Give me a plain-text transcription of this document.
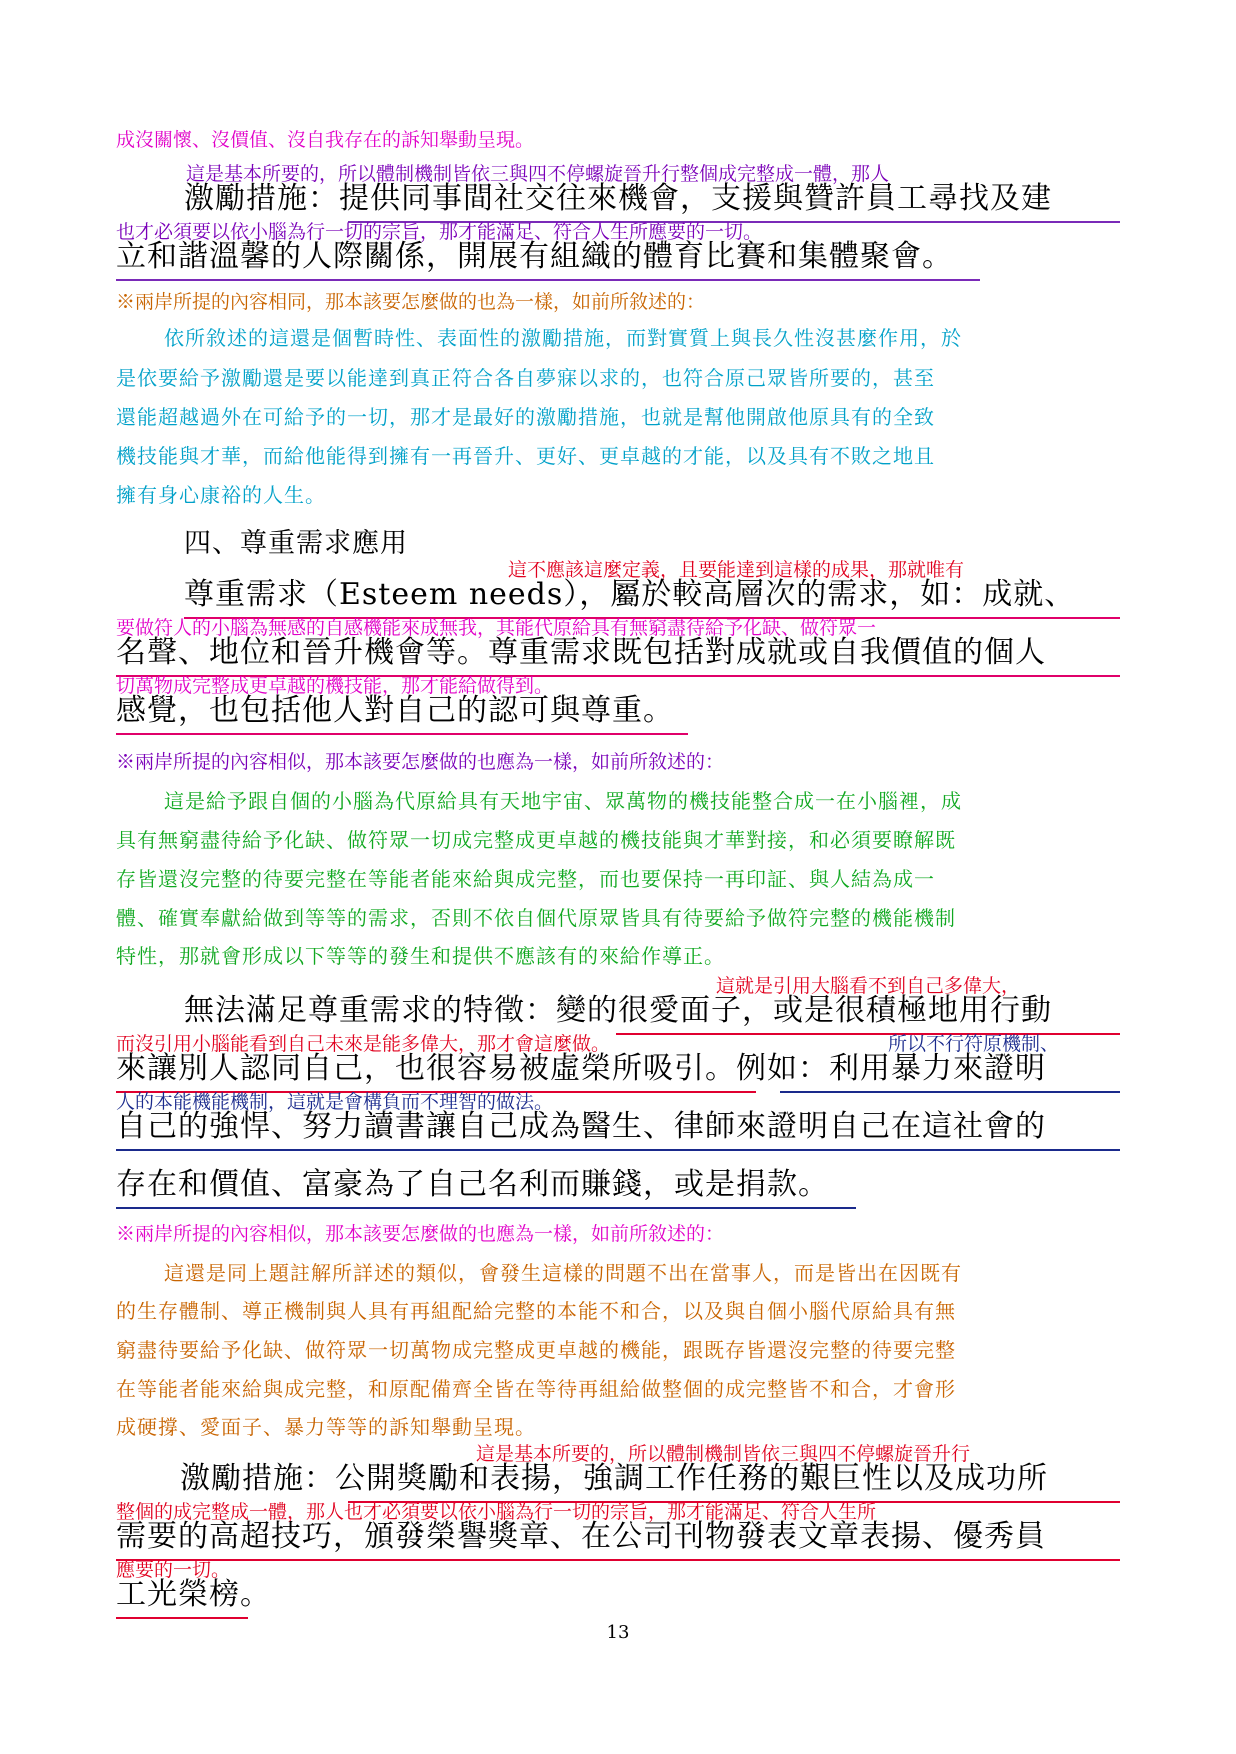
成沒關懷、沒價值、沒自我存在的訴知舉動呈現。
這是基本所要的，所以體制機制皆依三與四不停螺旋晉升行整個成完整成一體，那人
激勵措施：提供同事間社交往來機會，支援與贊許員工尋找及建
也才必須要以依小腦為行一切的宗旨，那才能滿足、符合人生所應要的一切。
立和諧溫馨的人際關係，開展有組織的體育比賽和集體聚會。
※兩岸所提的內容相同，那本該要怎麼做的也為一樣，如前所敘述的：
依所敘述的這還是個暫時性、表面性的激勵措施，而對實質上與長久性沒甚麼作用，於
是依要給予激勵還是要以能達到真正符合各自夢寐以求的，也符合原己眾皆所要的，甚至
還能超越過外在可給予的一切，那才是最好的激勵措施，也就是幫他開啟他原具有的全致
機技能與才華，而給他能得到擁有一再晉升、更好、更卓越的才能，以及具有不敗之地且
擁有身心康裕的人生。
四、尊重需求應用
這不應該這麼定義，且要能達到這樣的成果，那就唯有
尊重需求（Esteem needs），屬於較高層次的需求，如：成就、
要做符人的小腦為無感的自感機能來成無我，其能代原給具有無窮盡待給予化缺、做符眾一
名聲、地位和晉升機會等。尊重需求既包括對成就或自我價值的個人
切萬物成完整成更卓越的機技能，那才能給做得到。
感覺，也包括他人對自己的認可與尊重。
※兩岸所提的內容相似，那本該要怎麼做的也應為一樣，如前所敘述的：
這是給予跟自個的小腦為代原給具有天地宇宙、眾萬物的機技能整合成一在小腦裡，成
具有無窮盡待給予化缺、做符眾一切成完整成更卓越的機技能與才華對接，和必須要瞭解既
存皆還沒完整的待要完整在等能者能來給與成完整，而也要保持一再印証、與人結為成一
體、確實奉獻給做到等等的需求，否則不依自個代原眾皆具有待要給予做符完整的機能機制
特性，那就會形成以下等等的發生和提供不應該有的來給作導正。
這就是引用大腦看不到自己多偉大，
無法滿足尊重需求的特徵：變的很愛面子，或是很積極地用行動
而沒引用小腦能看到自己未來是能多偉大，那才會這麼做。	所以不行符原機制、
來讓別人認同自己，也很容易被虛榮所吸引。例如：利用暴力來證明
人的本能機能機制，這就是會構負而不理智的做法。
自己的強悍、努力讀書讓自己成為醫生、律師來證明自己在這社會的
存在和價值、富豪為了自己名利而賺錢，或是捐款。
※兩岸所提的內容相似，那本該要怎麼做的也應為一樣，如前所敘述的：
這還是同上題註解所詳述的類似，會發生這樣的問題不出在當事人，而是皆出在因既有
的生存體制、導正機制與人具有再組配給完整的本能不和合，以及與自個小腦代原給具有無
窮盡待要給予化缺、做符眾一切萬物成完整成更卓越的機能，跟既存皆還沒完整的待要完整
在等能者能來給與成完整，和原配備齊全皆在等待再組給做整個的成完整皆不和合，才會形
成硬撐、愛面子、暴力等等的訴知舉動呈現。
這是基本所要的，所以體制機制皆依三與四不停螺旋晉升行
激勵措施：公開獎勵和表揚，強調工作任務的艱巨性以及成功所
整個的成完整成一體，那人也才必須要以依小腦為行一切的宗旨，那才能滿足、符合人生所
需要的高超技巧，頒發榮譽獎章、在公司刊物發表文章表揚、優秀員
應要的一切。
工光榮榜。
13
